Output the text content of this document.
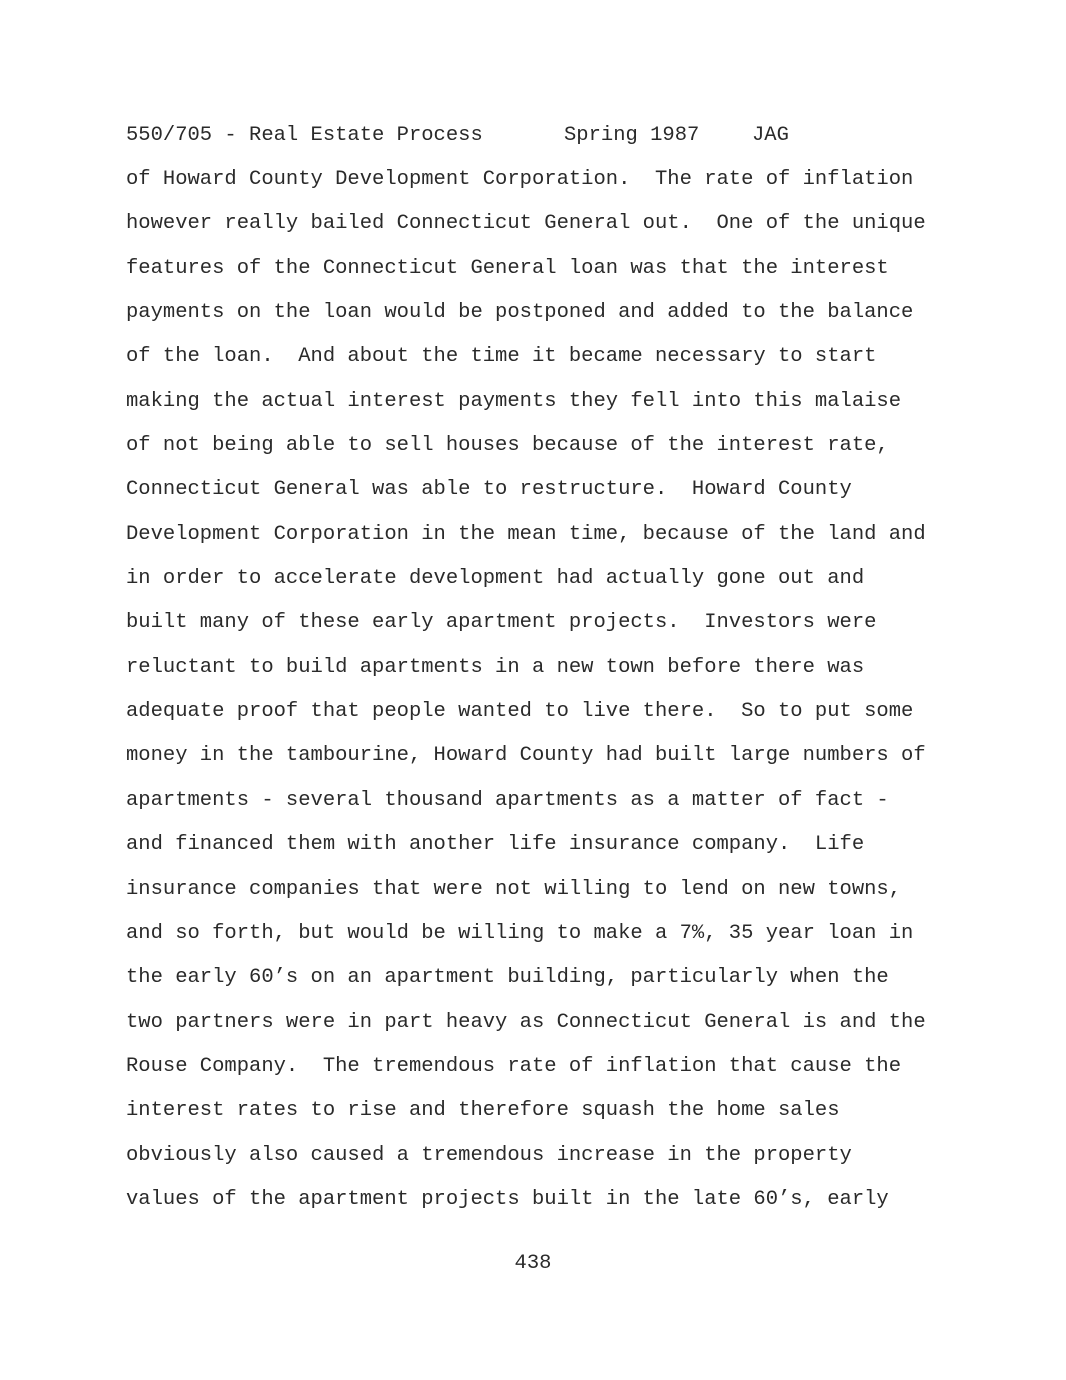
550/705 - Real Estate Process	Spring 1987	JAG
of Howard County Development Corporation.  The rate of inflation
however really bailed Connecticut General out.  One of the unique
features of the Connecticut General loan was that the interest
payments on the loan would be postponed and added to the balance
of the loan.  And about the time it became necessary to start
making the actual interest payments they fell into this malaise
of not being able to sell houses because of the interest rate,
Connecticut General was able to restructure.  Howard County
Development Corporation in the mean time, because of the land and
in order to accelerate development had actually gone out and
built many of these early apartment projects.  Investors were
reluctant to build apartments in a new town before there was
adequate proof that people wanted to live there.  So to put some
money in the tambourine, Howard County had built large numbers of
apartments - several thousand apartments as a matter of fact -
and financed them with another life insurance company.  Life
insurance companies that were not willing to lend on new towns,
and so forth, but would be willing to make a 7%, 35 year loan in
the early 60’s on an apartment building, particularly when the
two partners were in part heavy as Connecticut General is and the
Rouse Company.  The tremendous rate of inflation that cause the
interest rates to rise and therefore squash the home sales
obviously also caused a tremendous increase in the property
values of the apartment projects built in the late 60’s, early
438
